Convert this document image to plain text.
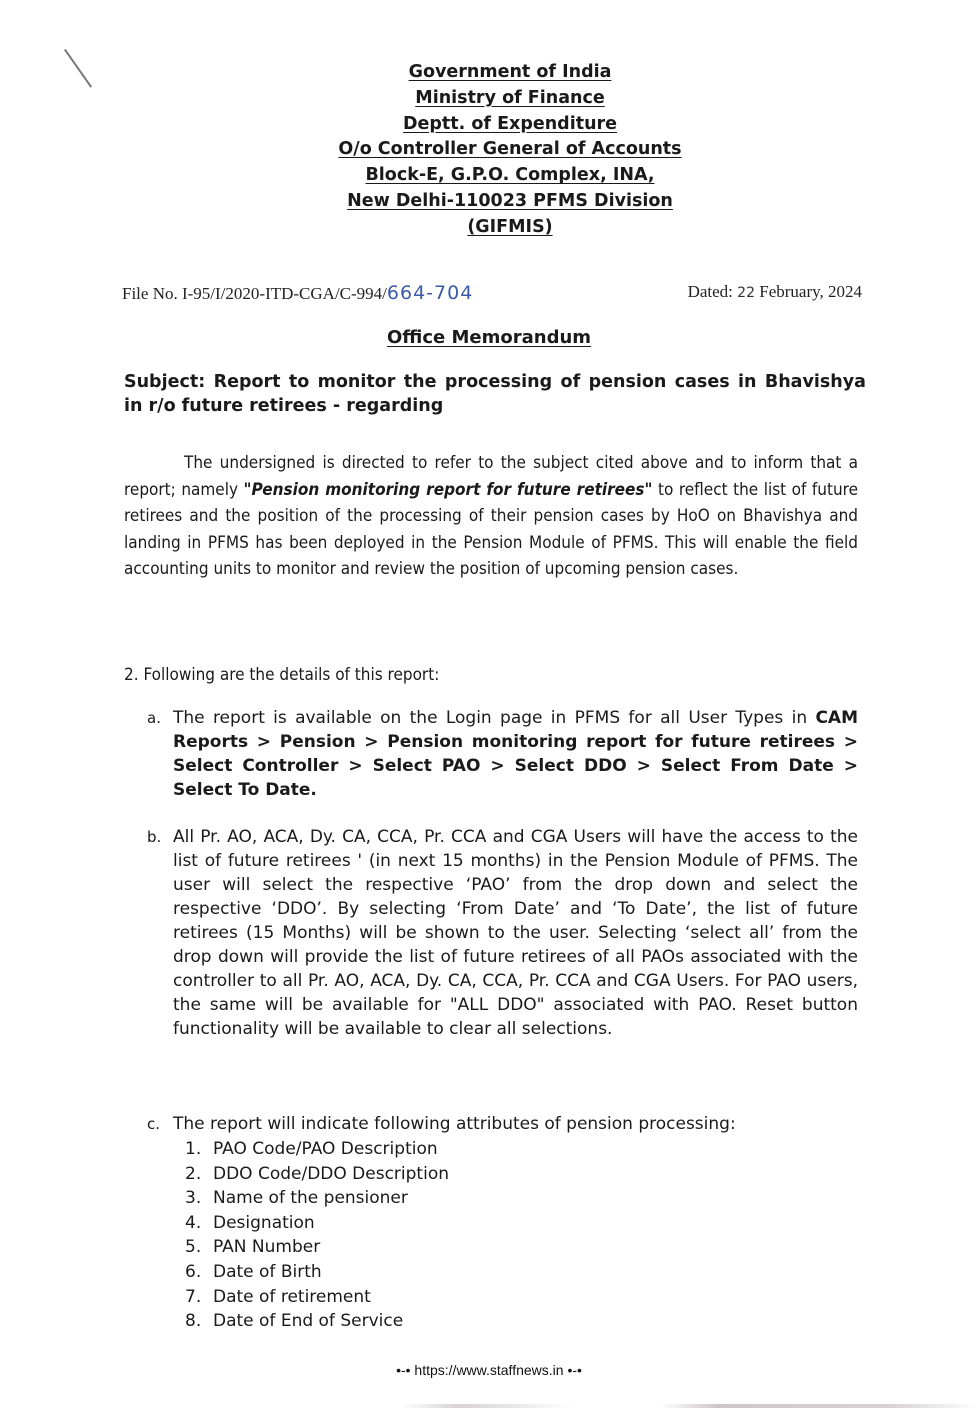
Government of India
Ministry of Finance
Deptt. of Expenditure
O/o Controller General of Accounts
Block-E, G.P.O. Complex, INA,
New Delhi-110023 PFMS Division
(GIFMIS)
File No. I-95/I/2020-ITD-CGA/C-994/664-704	Dated: 22 February, 2024
Office Memorandum
Subject: Report to monitor the processing of pension cases in Bhavishya in r/o future retirees - regarding
The undersigned is directed to refer to the subject cited above and to inform that a report; namely "Pension monitoring report for future retirees" to reflect the list of future retirees and the position of the processing of their pension cases by HoO on Bhavishya and landing in PFMS has been deployed in the Pension Module of PFMS. This will enable the field accounting units to monitor and review the position of upcoming pension cases.
2. Following are the details of this report:
a. The report is available on the Login page in PFMS for all User Types in CAM Reports > Pension > Pension monitoring report for future retirees > Select Controller > Select PAO > Select DDO > Select From Date > Select To Date.
b. All Pr. AO, ACA, Dy. CA, CCA, Pr. CCA and CGA Users will have the access to the list of future retirees ' (in next 15 months) in the Pension Module of PFMS. The user will select the respective ‘PAO’ from the drop down and select the respective ‘DDO’. By selecting ‘From Date’ and ‘To Date’, the list of future retirees (15 Months) will be shown to the user. Selecting ‘select all’ from the drop down will provide the list of future retirees of all PAOs associated with the controller to all Pr. AO, ACA, Dy. CA, CCA, Pr. CCA and CGA Users. For PAO users, the same will be available for "ALL DDO" associated with PAO. Reset button functionality will be available to clear all selections.
c. The report will indicate following attributes of pension processing:
1. PAO Code/PAO Description
2. DDO Code/DDO Description
3. Name of the pensioner
4. Designation
5. PAN Number
6. Date of Birth
7. Date of retirement
8. Date of End of Service
•-• https://www.staffnews.in •-•
